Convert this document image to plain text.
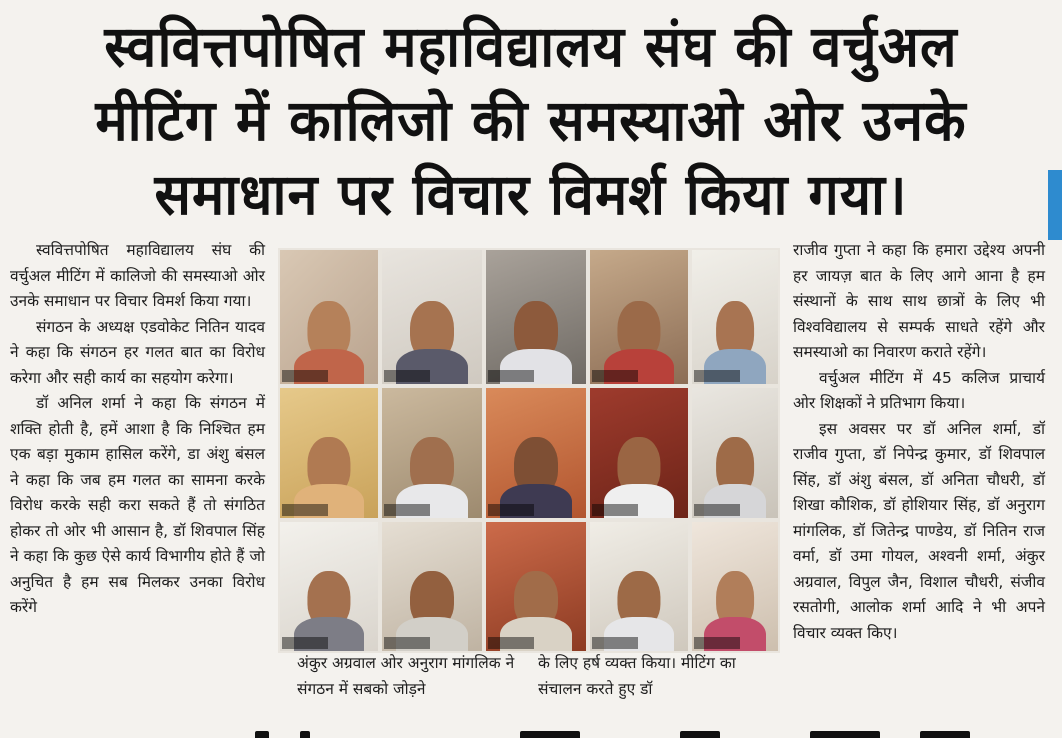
स्ववित्तपोषित महाविद्यालय संघ की वर्चुअल
मीटिंग में कालिजो की समस्याओ ओर उनके
समाधान पर विचार विमर्श किया गया।

स्ववित्तपोषित महाविद्यालय संघ की वर्चुअल मीटिंग में कालिजो की समस्याओ ओर उनके समाधान पर विचार विमर्श किया गया।

संगठन के अध्यक्ष एडवोकेट नितिन यादव ने कहा कि संगठन हर गलत बात का विरोध करेगा और सही कार्य का सहयोग करेगा।

डॉ अनिल शर्मा ने कहा कि संगठन में शक्ति होती है, हमें आशा है कि निश्चित हम एक बड़ा मुकाम हासिल करेंगे, डा अंशु बंसल ने कहा कि जब हम गलत का सामना करके विरोध करके सही करा सकते हैं तो संगठित होकर तो ओर भी आसान है, डॉ शिवपाल सिंह ने कहा कि कुछ ऐसे कार्य विभागीय होते हैं जो अनुचित है हम सब मिलकर उनका विरोध करेंगे

अंकुर अग्रवाल ओर अनुराग मांगलिक ने संगठन में सबको जोड़ने
के लिए हर्ष व्यक्त किया। मीटिंग का संचालन करते हुए डॉ

राजीव गुप्ता ने कहा कि हमारा उद्देश्य अपनी हर जायज़ बात के लिए आगे आना है हम संस्थानों के साथ साथ छात्रों के लिए भी विश्वविद्यालय से सम्पर्क साधते रहेंगे और समस्याओ का निवारण कराते रहेंगे।

वर्चुअल मीटिंग में 45 कलिज प्राचार्य ओर शिक्षकों ने प्रतिभाग किया।

इस अवसर पर डॉ अनिल शर्मा, डॉ राजीव गुप्ता, डॉ निपेन्द्र कुमार, डॉ शिवपाल सिंह, डॉ अंशु बंसल, डॉ अनिता चौधरी, डॉ शिखा कौशिक, डॉ होशियार सिंह, डॉ अनुराग मांगलिक, डॉ जितेन्द्र पाण्डेय, डॉ नितिन राज वर्मा, डॉ उमा गोयल, अश्वनी शर्मा, अंकुर अग्रवाल, विपुल जैन, विशाल चौधरी, संजीव रसतोगी, आलोक शर्मा आदि ने भी अपने विचार व्यक्त किए।
